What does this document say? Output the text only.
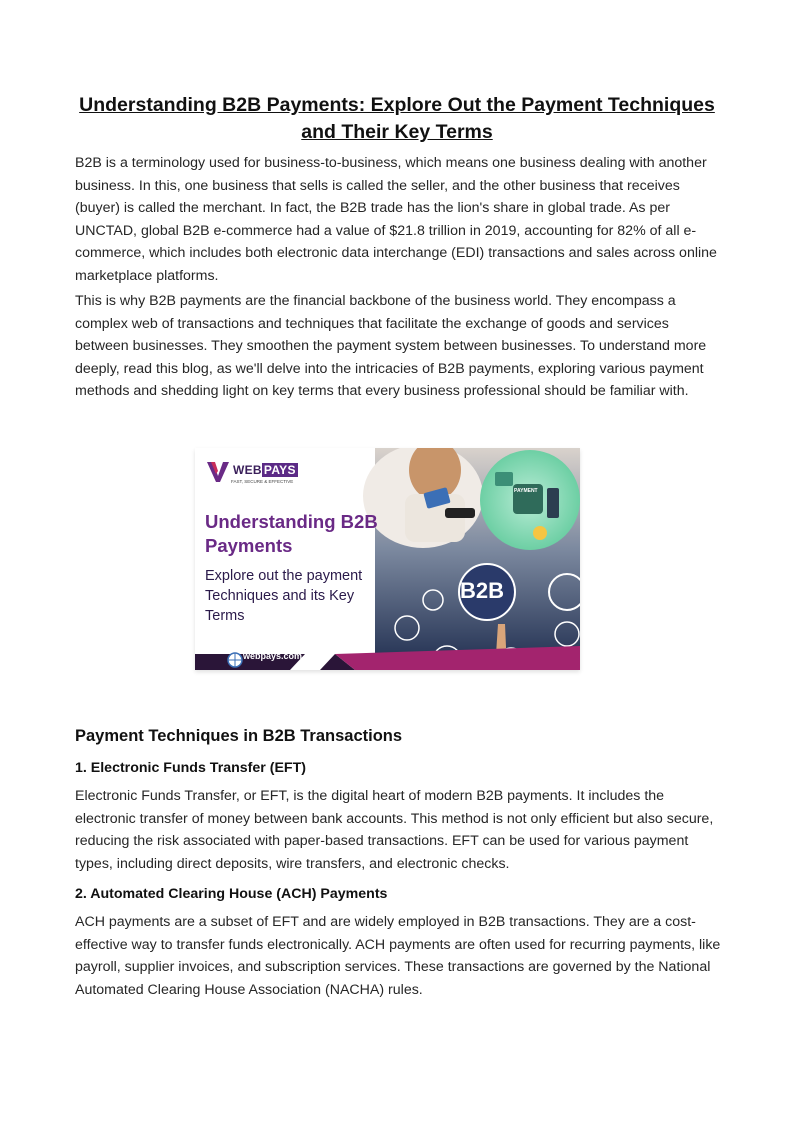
Understanding B2B Payments: Explore Out the Payment Techniques and Their Key Terms

B2B is a terminology used for business-to-business, which means one business dealing with another business. In this, one business that sells is called the seller, and the other business that receives (buyer) is called the merchant. In fact, the B2B trade has the lion's share in global trade. As per UNCTAD, global B2B e-commerce had a value of $21.8 trillion in 2019, accounting for 82% of all e-commerce, which includes both electronic data interchange (EDI) transactions and sales across online marketplace platforms.

This is why B2B payments are the financial backbone of the business world. They encompass a complex web of transactions and techniques that facilitate the exchange of goods and services between businesses. They smoothen the payment system between businesses. To understand more deeply, read this blog, as we'll delve into the intricacies of B2B payments, exploring various payment methods and shedding light on key terms that every business professional should be familiar with.

WEB PAYS
FAST, SECURE & EFFECTIVE

Understanding B2B Payments

Explore out the payment Techniques and its Key Terms

B2B
PAYMENT
webpays.com
Payment Techniques in B2B Transactions
1. Electronic Funds Transfer (EFT)

Electronic Funds Transfer, or EFT, is the digital heart of modern B2B payments. It includes the electronic transfer of money between bank accounts. This method is not only efficient but also secure, reducing the risk associated with paper-based transactions. EFT can be used for various payment types, including direct deposits, wire transfers, and electronic checks.

2. Automated Clearing House (ACH) Payments

ACH payments are a subset of EFT and are widely employed in B2B transactions. They are a cost-effective way to transfer funds electronically. ACH payments are often used for recurring payments, like payroll, supplier invoices, and subscription services. These transactions are governed by the National Automated Clearing House Association (NACHA) rules.
